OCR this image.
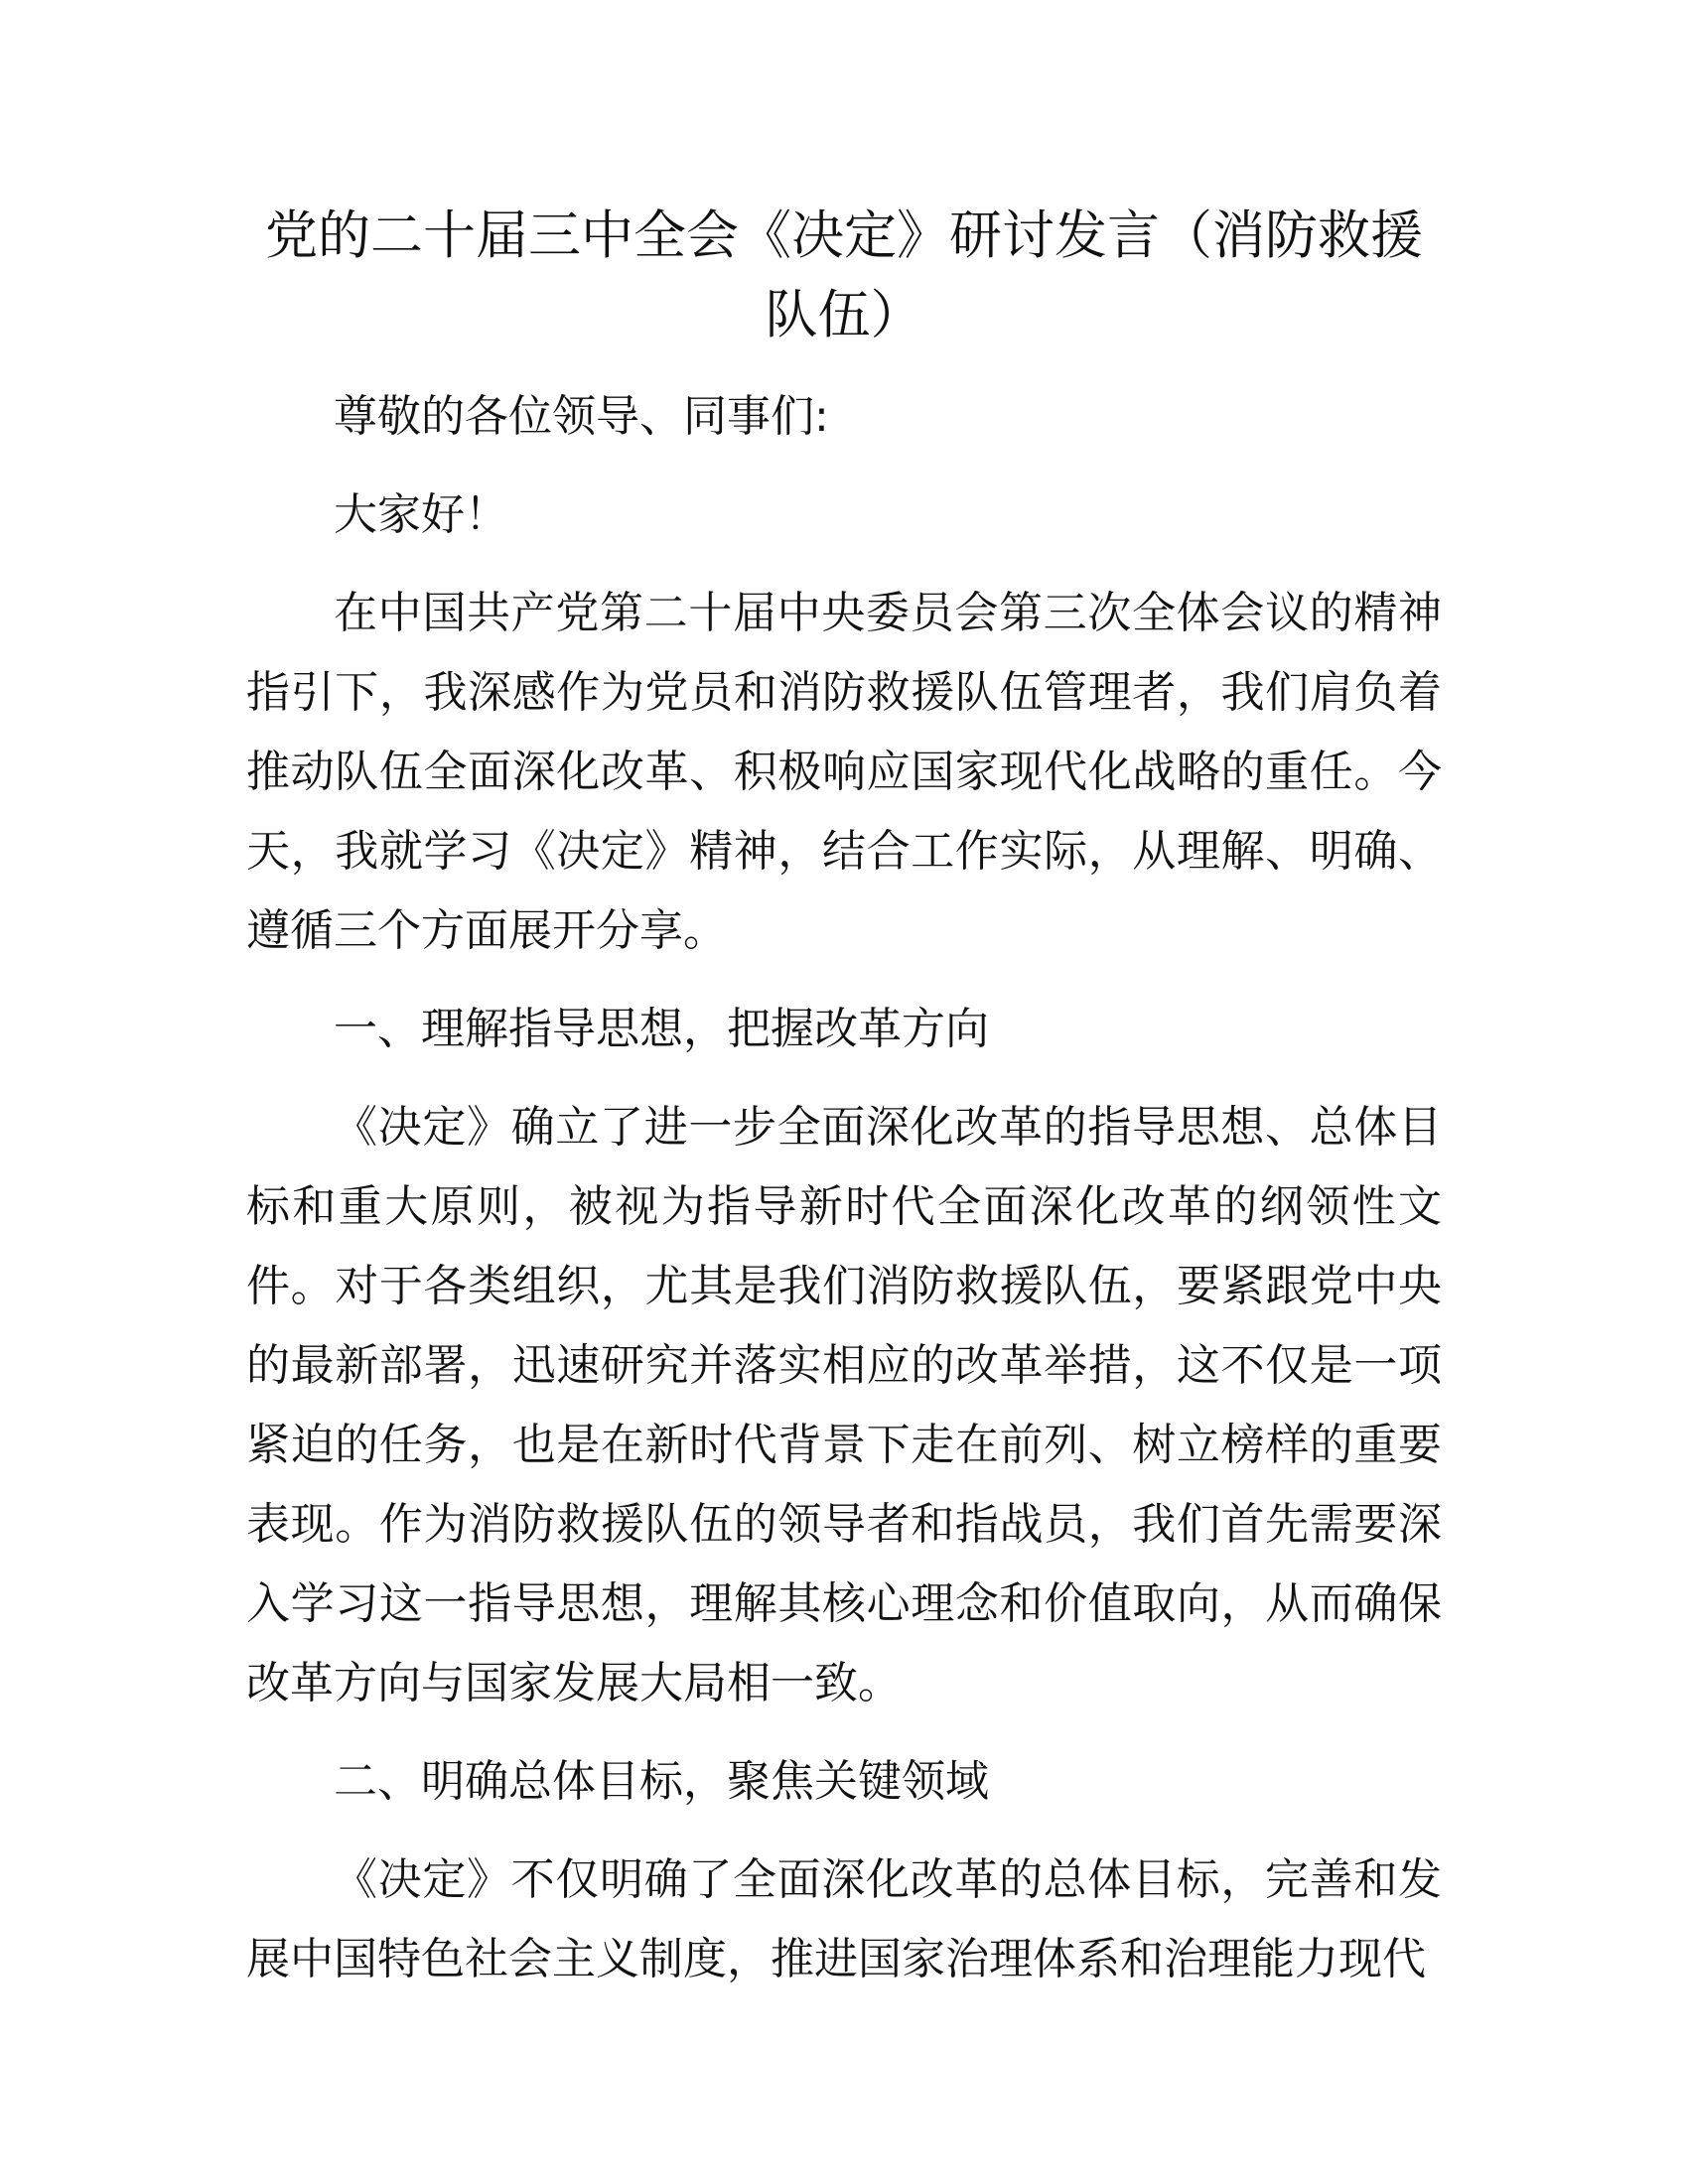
党的二十届三中全会《决定》研讨发言（消防救援队伍）

尊敬的各位领导、同事们:

大家好！

在中国共产党第二十届中央委员会第三次全体会议的精神指引下，我深感作为党员和消防救援队伍管理者，我们肩负着推动队伍全面深化改革、积极响应国家现代化战略的重任。今天，我就学习《决定》精神，结合工作实际，从理解、明确、遵循三个方面展开分享。

一、理解指导思想，把握改革方向

《决定》确立了进一步全面深化改革的指导思想、总体目标和重大原则，被视为指导新时代全面深化改革的纲领性文件。对于各类组织，尤其是我们消防救援队伍，要紧跟党中央的最新部署，迅速研究并落实相应的改革举措，这不仅是一项紧迫的任务，也是在新时代背景下走在前列、树立榜样的重要表现。作为消防救援队伍的领导者和指战员，我们首先需要深入学习这一指导思想，理解其核心理念和价值取向，从而确保改革方向与国家发展大局相一致。

二、明确总体目标，聚焦关键领域

《决定》不仅明确了全面深化改革的总体目标，完善和发展中国特色社会主义制度，推进国家治理体系和治理能力现代
